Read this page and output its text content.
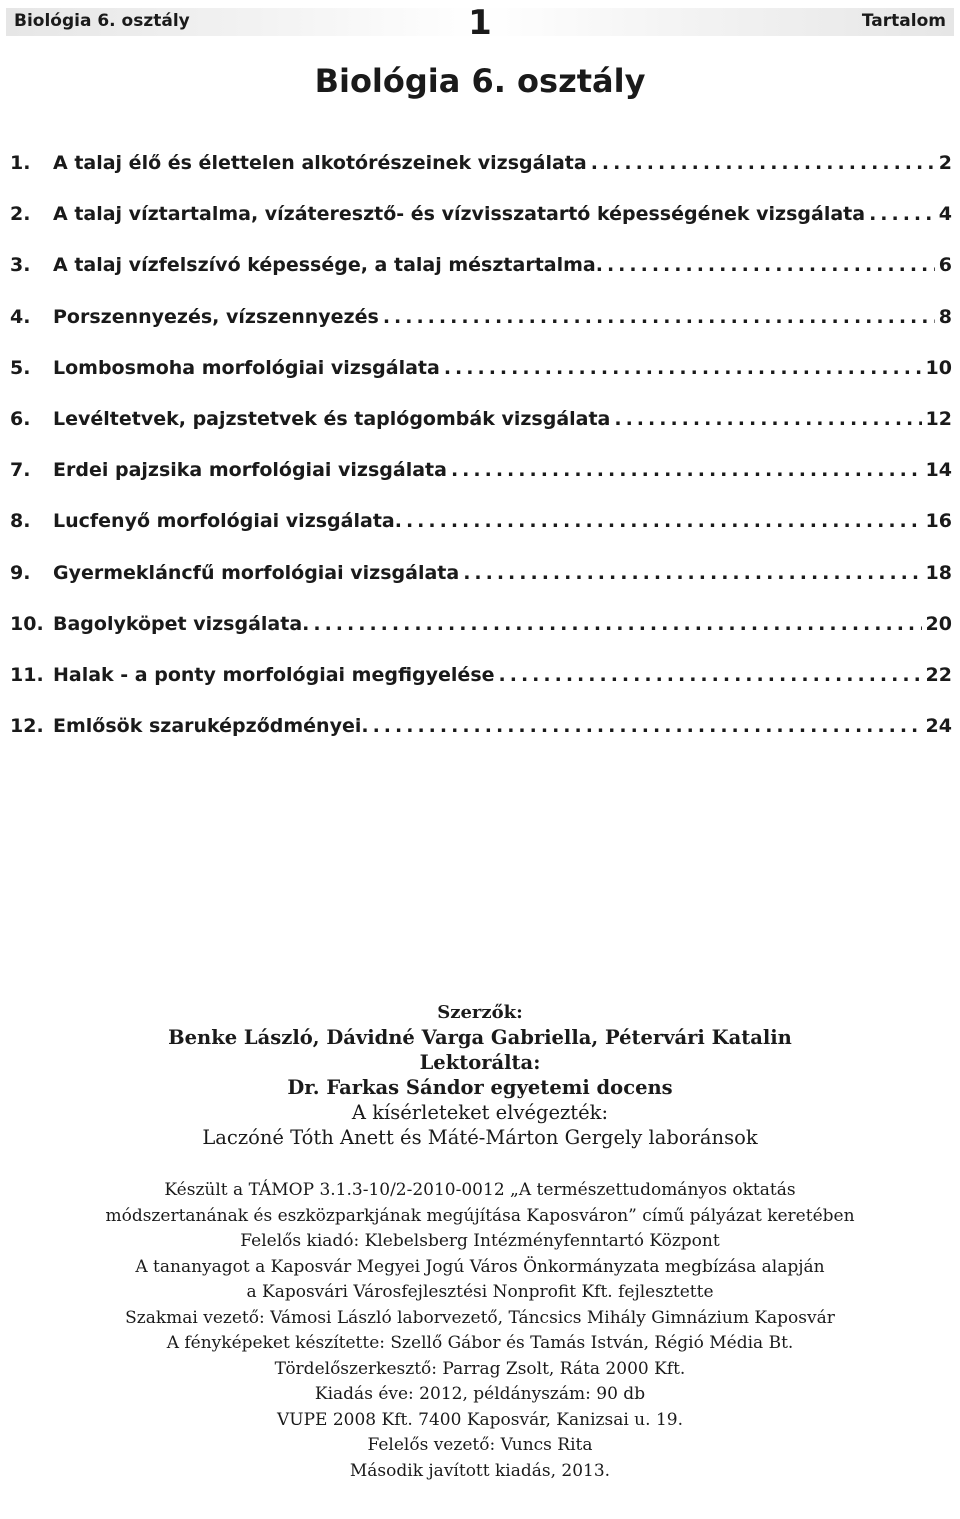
Biológia 6. osztály	1	Tartalom
Biológia 6. osztály
1.	A talaj élő és élettelen alkotórészeinek vizsgálata .....	2
2.	A talaj víztartalma, vízáteresztő- és vízvisszatartó képességének vizsgálata .....	4
3.	A talaj vízfelszívó képessége, a talaj mésztartalma. .....	6
4.	Porszennyezés, vízszennyezés .....	8
5.	Lombosmoha morfológiai vizsgálata .....	10
6.	Levéltetvek, pajzstetvek és taplógombák vizsgálata .....	12
7.	Erdei pajzsika morfológiai vizsgálata .....	14
8.	Lucfenyő morfológiai vizsgálata. .....	16
9.	Gyermekláncfű morfológiai vizsgálata .....	18
10. Bagolyköpet vizsgálata. .....	20
11. Halak - a ponty morfológiai megfigyelése .....	22
12. Emlősök szaruképződményei. .....	24
Szerzők:
Benke László, Dávidné Varga Gabriella, Pétervári Katalin
Lektorálta:
Dr. Farkas Sándor egyetemi docens
A kísérleteket elvégezték:
Laczóné Tóth Anett és Máté-Márton Gergely laboránsok
Készült a TÁMOP 3.1.3-10/2-2010-0012 „A természettudományos oktatás
módszertanának és eszközparkjának megújítása Kaposváron” című pályázat keretében
Felelős kiadó: Klebelsberg Intézményfenntartó Központ
A tananyagot a Kaposvár Megyei Jogú Város Önkormányzata megbízása alapján
a Kaposvári Városfejlesztési Nonprofit Kft. fejlesztette
Szakmai vezető: Vámosi László laborvezető, Táncsics Mihály Gimnázium Kaposvár
A fényképeket készítette: Szellő Gábor és Tamás István, Régió Média Bt.
Tördelőszerkesztő: Parrag Zsolt, Ráta 2000 Kft.
Kiadás éve: 2012, példányszám: 90 db
VUPE 2008 Kft. 7400 Kaposvár, Kanizsai u. 19.
Felelős vezető: Vuncs Rita
Második javított kiadás, 2013.
